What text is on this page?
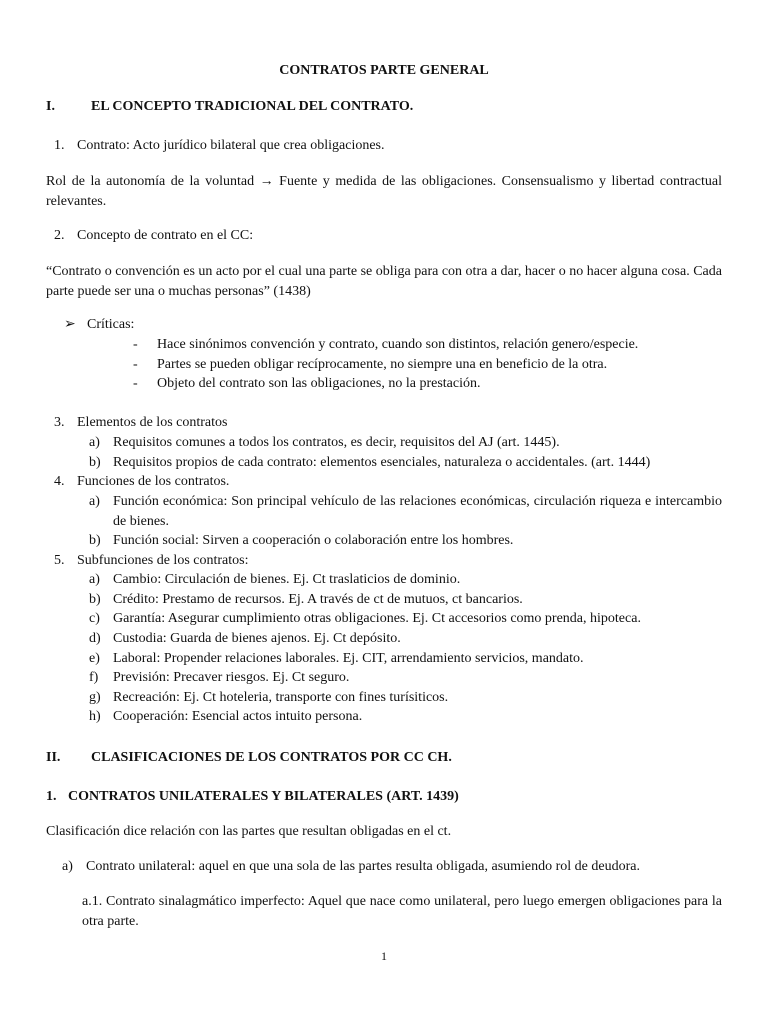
CONTRATOS PARTE GENERAL
I.	EL CONCEPTO TRADICIONAL DEL CONTRATO.
1. Contrato: Acto jurídico bilateral que crea obligaciones.
Rol de la autonomía de la voluntad → Fuente y medida de las obligaciones. Consensualismo y libertad contractual relevantes.
2. Concepto de contrato en el CC:
“Contrato o convención es un acto por el cual una parte se obliga para con otra a dar, hacer o no hacer alguna cosa. Cada parte puede ser una o muchas personas” (1438)
➢ Críticas:
- Hace sinónimos convención y contrato, cuando son distintos, relación genero/especie.
- Partes se pueden obligar recíprocamente, no siempre una en beneficio de la otra.
- Objeto del contrato son las obligaciones, no la prestación.
3. Elementos de los contratos
a) Requisitos comunes a todos los contratos, es decir, requisitos del AJ (art. 1445).
b) Requisitos propios de cada contrato: elementos esenciales, naturaleza o accidentales. (art. 1444)
4. Funciones de los contratos.
a) Función económica: Son principal vehículo de las relaciones económicas, circulación riqueza e intercambio de bienes.
b) Función social: Sirven a cooperación o colaboración entre los hombres.
5. Subfunciones de los contratos:
a) Cambio: Circulación de bienes. Ej. Ct traslaticios de dominio.
b) Crédito: Prestamo de recursos. Ej. A través de ct de mutuos, ct bancarios.
c) Garantía: Asegurar cumplimiento otras obligaciones. Ej. Ct accesorios como prenda, hipoteca.
d) Custodia: Guarda de bienes ajenos. Ej. Ct depósito.
e) Laboral: Propender relaciones laborales. Ej. CIT, arrendamiento servicios, mandato.
f) Previsión: Precaver riesgos. Ej. Ct seguro.
g) Recreación: Ej. Ct hoteleria, transporte con fines turísiticos.
h) Cooperación: Esencial actos intuito persona.
II. CLASIFICACIONES DE LOS CONTRATOS POR CC CH.
1. CONTRATOS UNILATERALES Y BILATERALES (ART. 1439)
Clasificación dice relación con las partes que resultan obligadas en el ct.
a) Contrato unilateral: aquel en que una sola de las partes resulta obligada, asumiendo rol de deudora.
a.1. Contrato sinalagmático imperfecto: Aquel que nace como unilateral, pero luego emergen obligaciones para la otra parte.
1
